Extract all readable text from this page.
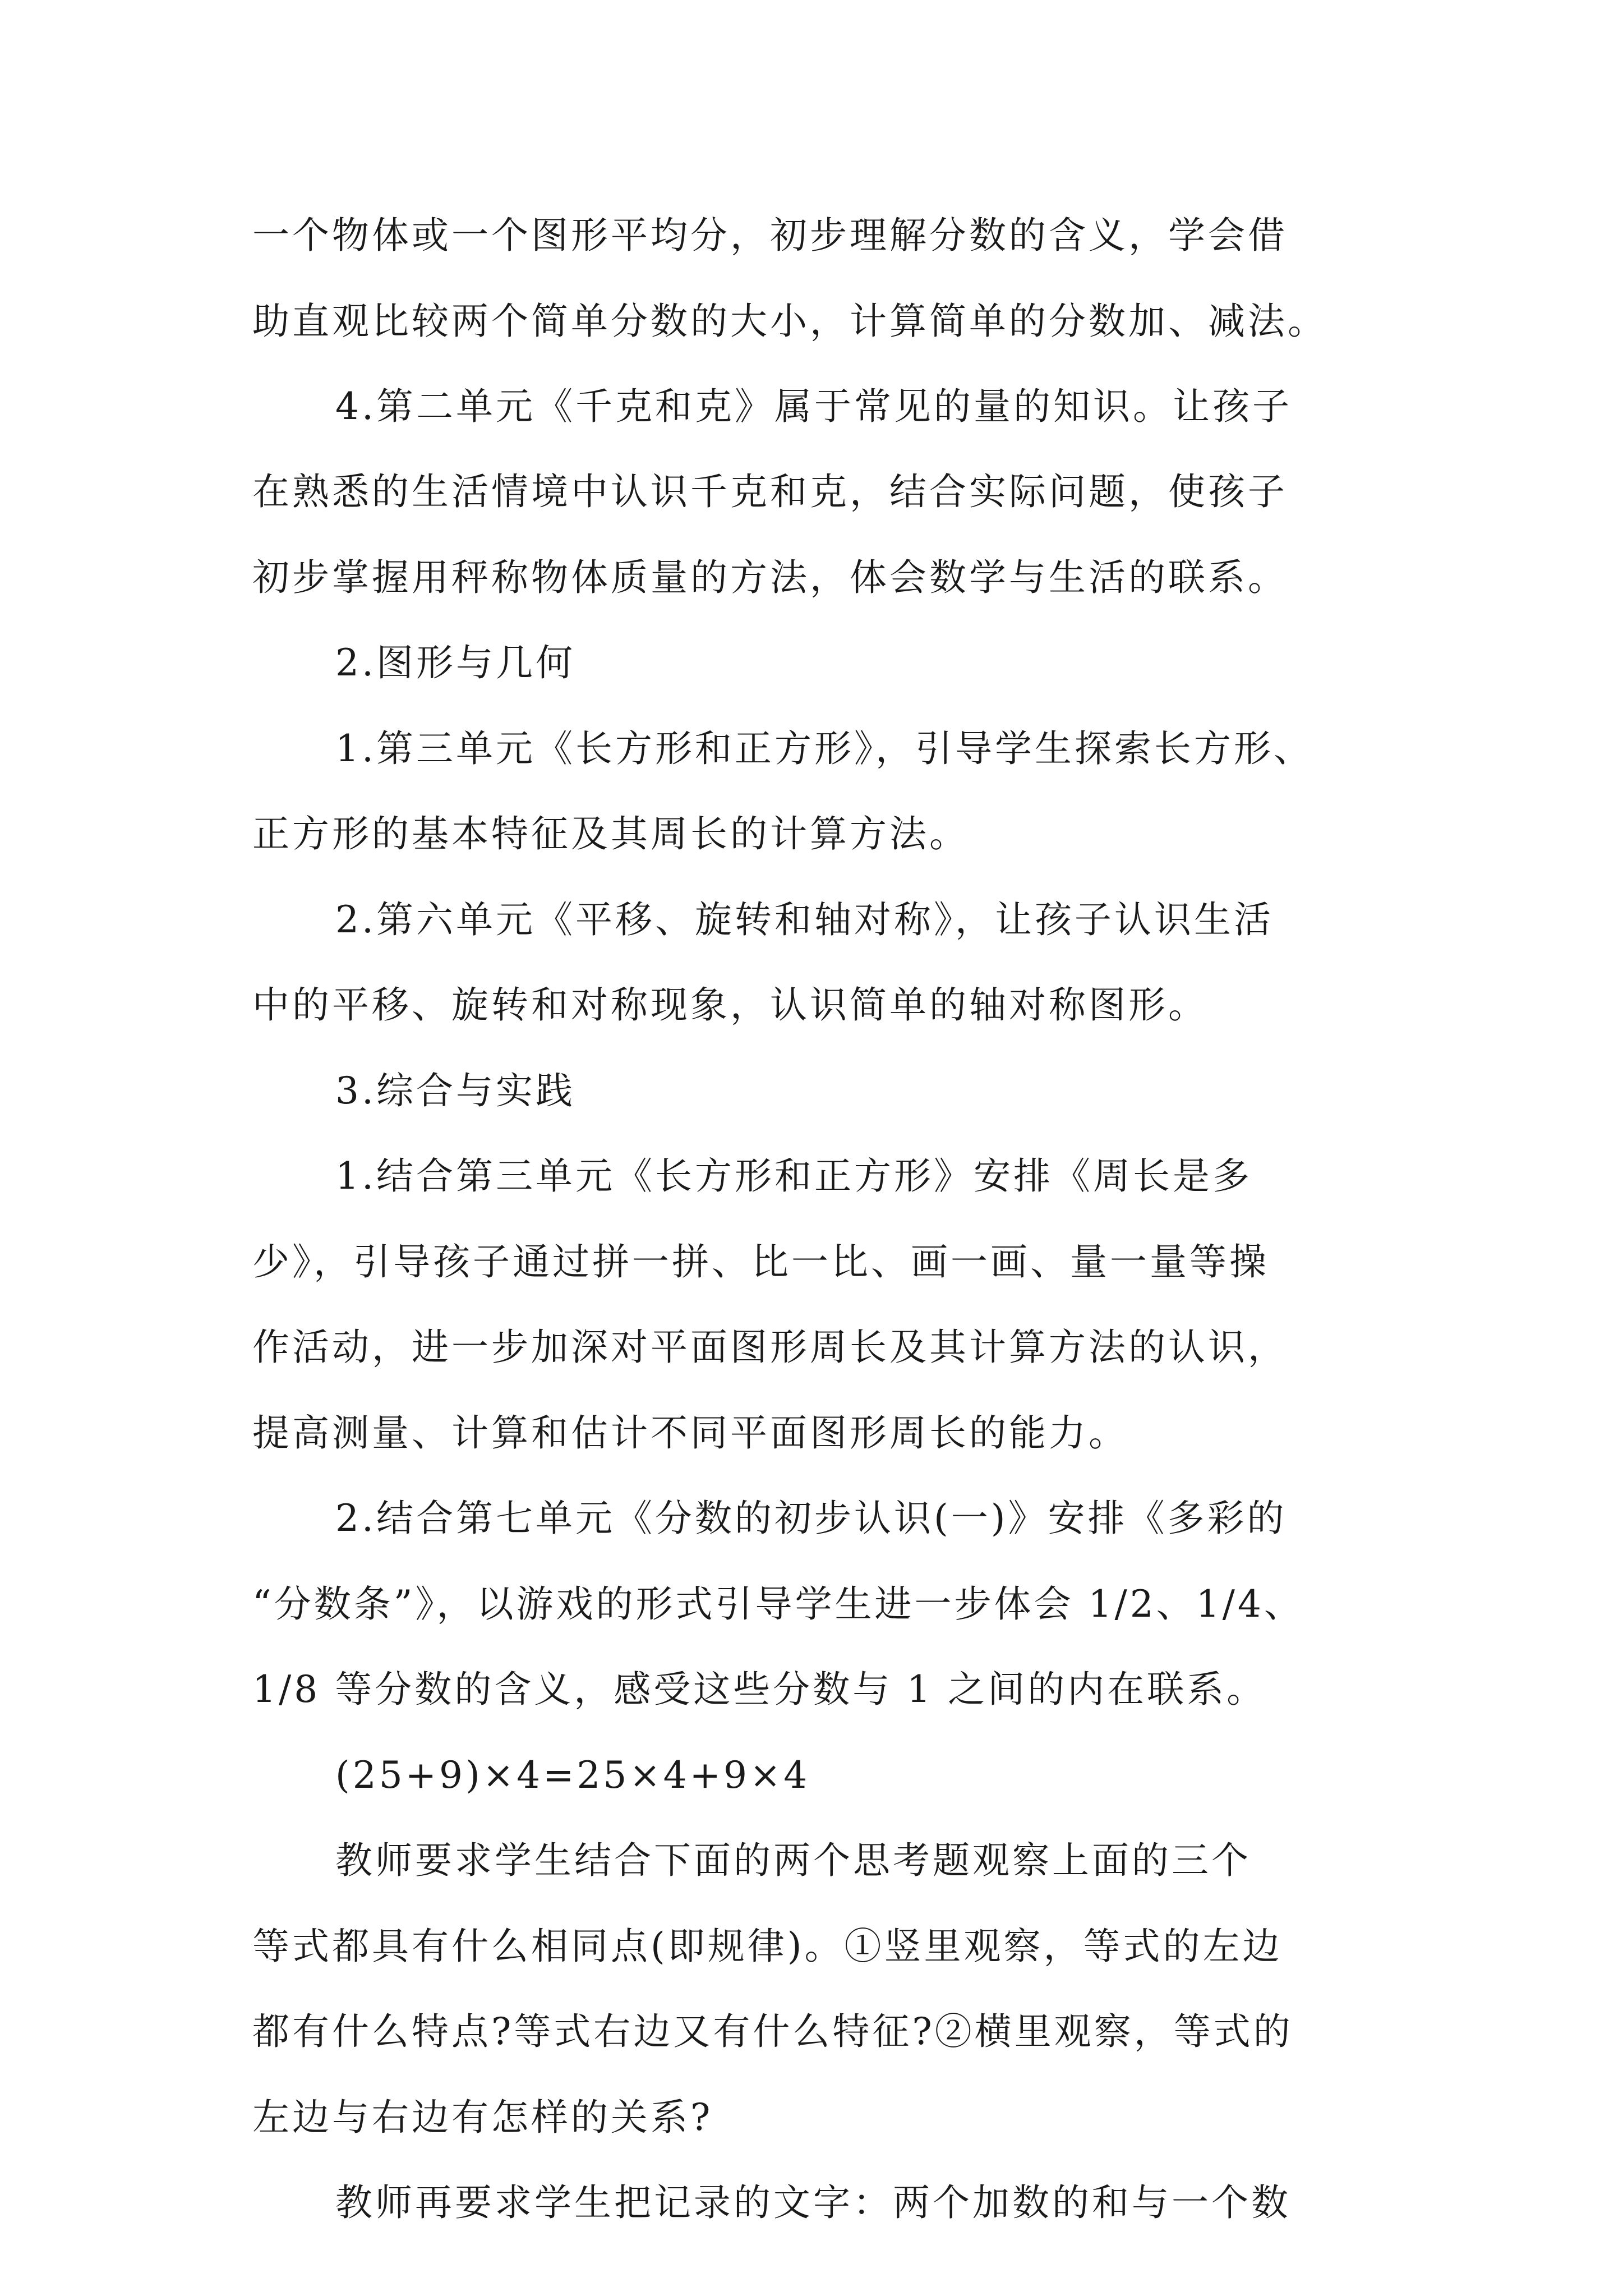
一个物体或一个图形平均分，初步理解分数的含义，学会借
助直观比较两个简单分数的大小，计算简单的分数加、减法。
4.第二单元《千克和克》属于常见的量的知识。让孩子
在熟悉的生活情境中认识千克和克，结合实际问题，使孩子
初步掌握用秤称物体质量的方法，体会数学与生活的联系。
2.图形与几何
1.第三单元《长方形和正方形》，引导学生探索长方形、
正方形的基本特征及其周长的计算方法。
2.第六单元《平移、旋转和轴对称》，让孩子认识生活
中的平移、旋转和对称现象，认识简单的轴对称图形。
3.综合与实践
1.结合第三单元《长方形和正方形》安排《周长是多
少》，引导孩子通过拼一拼、比一比、画一画、量一量等操
作活动，进一步加深对平面图形周长及其计算方法的认识，
提高测量、计算和估计不同平面图形周长的能力。
2.结合第七单元《分数的初步认识(一)》安排《多彩的
“分数条”》，以游戏的形式引导学生进一步体会 1/2、1/4、
1/8 等分数的含义，感受这些分数与 1 之间的内在联系。
(25+9)×4=25×4+9×4
教师要求学生结合下面的两个思考题观察上面的三个
等式都具有什么相同点(即规律)。①竖里观察，等式的左边
都有什么特点?等式右边又有什么特征?②横里观察，等式的
左边与右边有怎样的关系?
教师再要求学生把记录的文字：两个加数的和与一个数
